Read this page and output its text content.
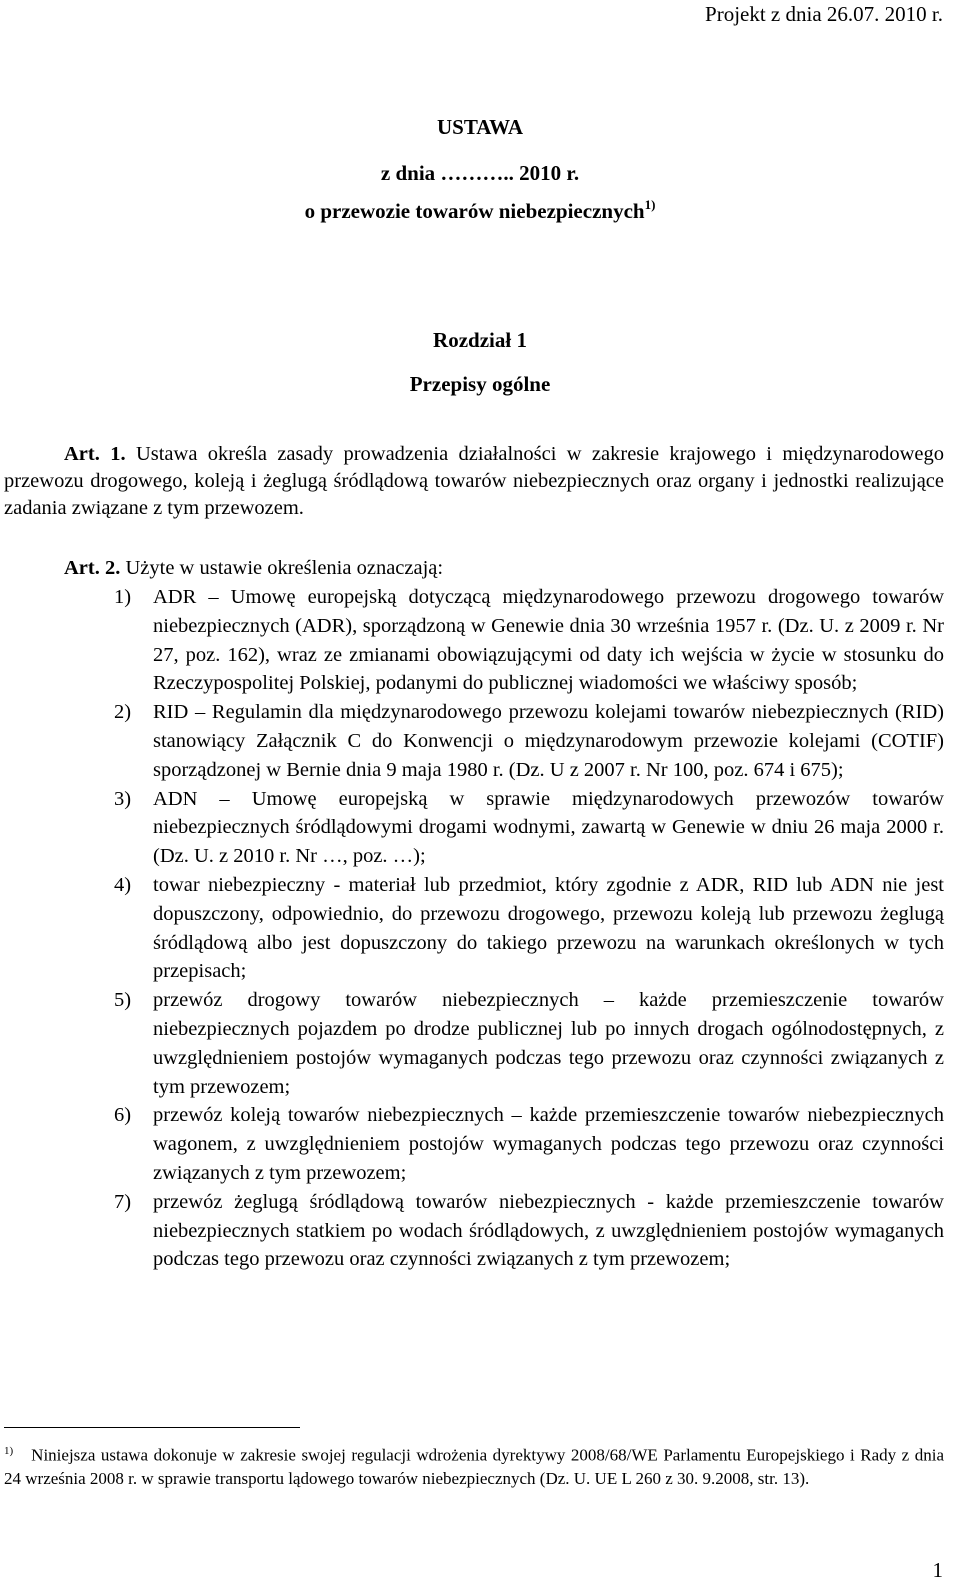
Projekt z dnia 26.07. 2010 r.
USTAWA
z dnia ……….. 2010 r.
o przewozie towarów niebezpiecznych$^{1)}$
Rozdział 1
Przepisy ogólne

Art. 1. Ustawa określa zasady prowadzenia działalności w zakresie krajowego i międzynarodowego przewozu drogowego, koleją i żeglugą śródlądową towarów niebezpiecznych oraz organy i jednostki realizujące zadania związane z tym przewozem.

Art. 2. Użyte w ustawie określenia oznaczają:

1) ADR – Umowę europejską dotyczącą międzynarodowego przewozu drogowego towarów niebezpiecznych (ADR), sporządzoną w Genewie dnia 30 września 1957 r. (Dz. U. z 2009 r. Nr 27, poz. 162), wraz ze zmianami obowiązującymi od daty ich wejścia w życie w stosunku do Rzeczypospolitej Polskiej, podanymi do publicznej wiadomości we właściwy sposób;
2) RID – Regulamin dla międzynarodowego przewozu kolejami towarów niebezpiecznych (RID) stanowiący Załącznik C do Konwencji o międzynarodowym przewozie kolejami (COTIF) sporządzonej w Bernie dnia 9 maja 1980 r. (Dz. U z 2007 r. Nr 100, poz. 674 i 675);
3) ADN – Umowę europejską w sprawie międzynarodowych przewozów towarów niebezpiecznych śródlądowymi drogami wodnymi, zawartą w Genewie w dniu 26 maja 2000 r.(Dz. U. z 2010 r. Nr …, poz. …);
4) towar niebezpieczny - materiał lub przedmiot, który zgodnie z ADR, RID lub ADN nie jest dopuszczony, odpowiednio, do przewozu drogowego, przewozu koleją lub przewozu żeglugą śródlądową albo jest dopuszczony do takiego przewozu na warunkach określonych w tych przepisach;
5) przewóz drogowy towarów niebezpiecznych – każde przemieszczenie towarów niebezpiecznych pojazdem po drodze publicznej lub po innych drogach ogólnodostępnych, z uwzględnieniem postojów wymaganych podczas tego przewozu oraz czynności związanych z tym przewozem;
6) przewóz koleją towarów niebezpiecznych – każde przemieszczenie towarów niebezpiecznych wagonem, z uwzględnieniem postojów wymaganych podczas tego przewozu oraz czynności związanych z tym przewozem;
7) przewóz żeglugą śródlądową towarów niebezpiecznych - każde przemieszczenie towarów niebezpiecznych statkiem po wodach śródlądowych, z uwzględnieniem postojów wymaganych podczas tego przewozu oraz czynności związanych z tym przewozem;

$^{1)}$ Niniejsza ustawa dokonuje w zakresie swojej regulacji wdrożenia dyrektywy 2008/68/WE Parlamentu Europejskiego i Rady z dnia 24 września 2008 r. w sprawie transportu lądowego towarów niebezpiecznych (Dz. U. UE L 260 z 30. 9.2008, str. 13).

1
